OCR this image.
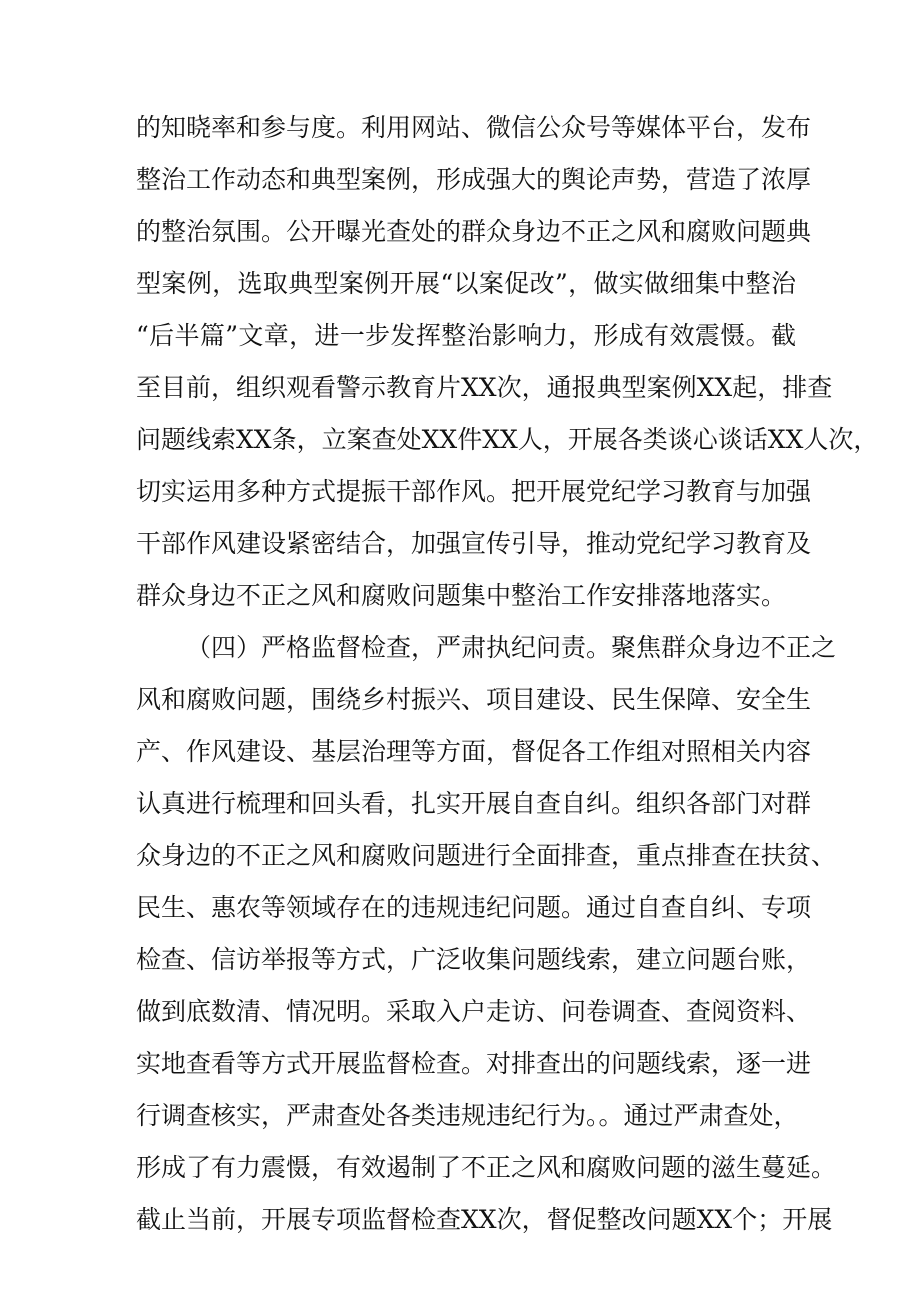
的知晓率和参与度。利用网站、微信公众号等媒体平台，发布
整治工作动态和典型案例，形成强大的舆论声势，营造了浓厚
的整治氛围。公开曝光查处的群众身边不正之风和腐败问题典
型案例，选取典型案例开展“以案促改”，做实做细集中整治
“后半篇”文章，进一步发挥整治影响力，形成有效震慑。截
至目前，组织观看警示教育片XX次，通报典型案例XX起，排查
问题线索XX条，立案查处XX件XX人，开展各类谈心谈话XX人次，
切实运用多种方式提振干部作风。把开展党纪学习教育与加强
干部作风建设紧密结合，加强宣传引导，推动党纪学习教育及
群众身边不正之风和腐败问题集中整治工作安排落地落实。
（四）严格监督检查，严肃执纪问责。聚焦群众身边不正之
风和腐败问题，围绕乡村振兴、项目建设、民生保障、安全生
产、作风建设、基层治理等方面，督促各工作组对照相关内容
认真进行梳理和回头看，扎实开展自查自纠。组织各部门对群
众身边的不正之风和腐败问题进行全面排查，重点排查在扶贫、
民生、惠农等领域存在的违规违纪问题。通过自查自纠、专项
检查、信访举报等方式，广泛收集问题线索，建立问题台账，
做到底数清、情况明。采取入户走访、问卷调查、查阅资料、
实地查看等方式开展监督检查。对排查出的问题线索，逐一进
行调查核实，严肃查处各类违规违纪行为。。通过严肃查处，
形成了有力震慑，有效遏制了不正之风和腐败问题的滋生蔓延。
截止当前，开展专项监督检查XX次，督促整改问题XX个；开展
